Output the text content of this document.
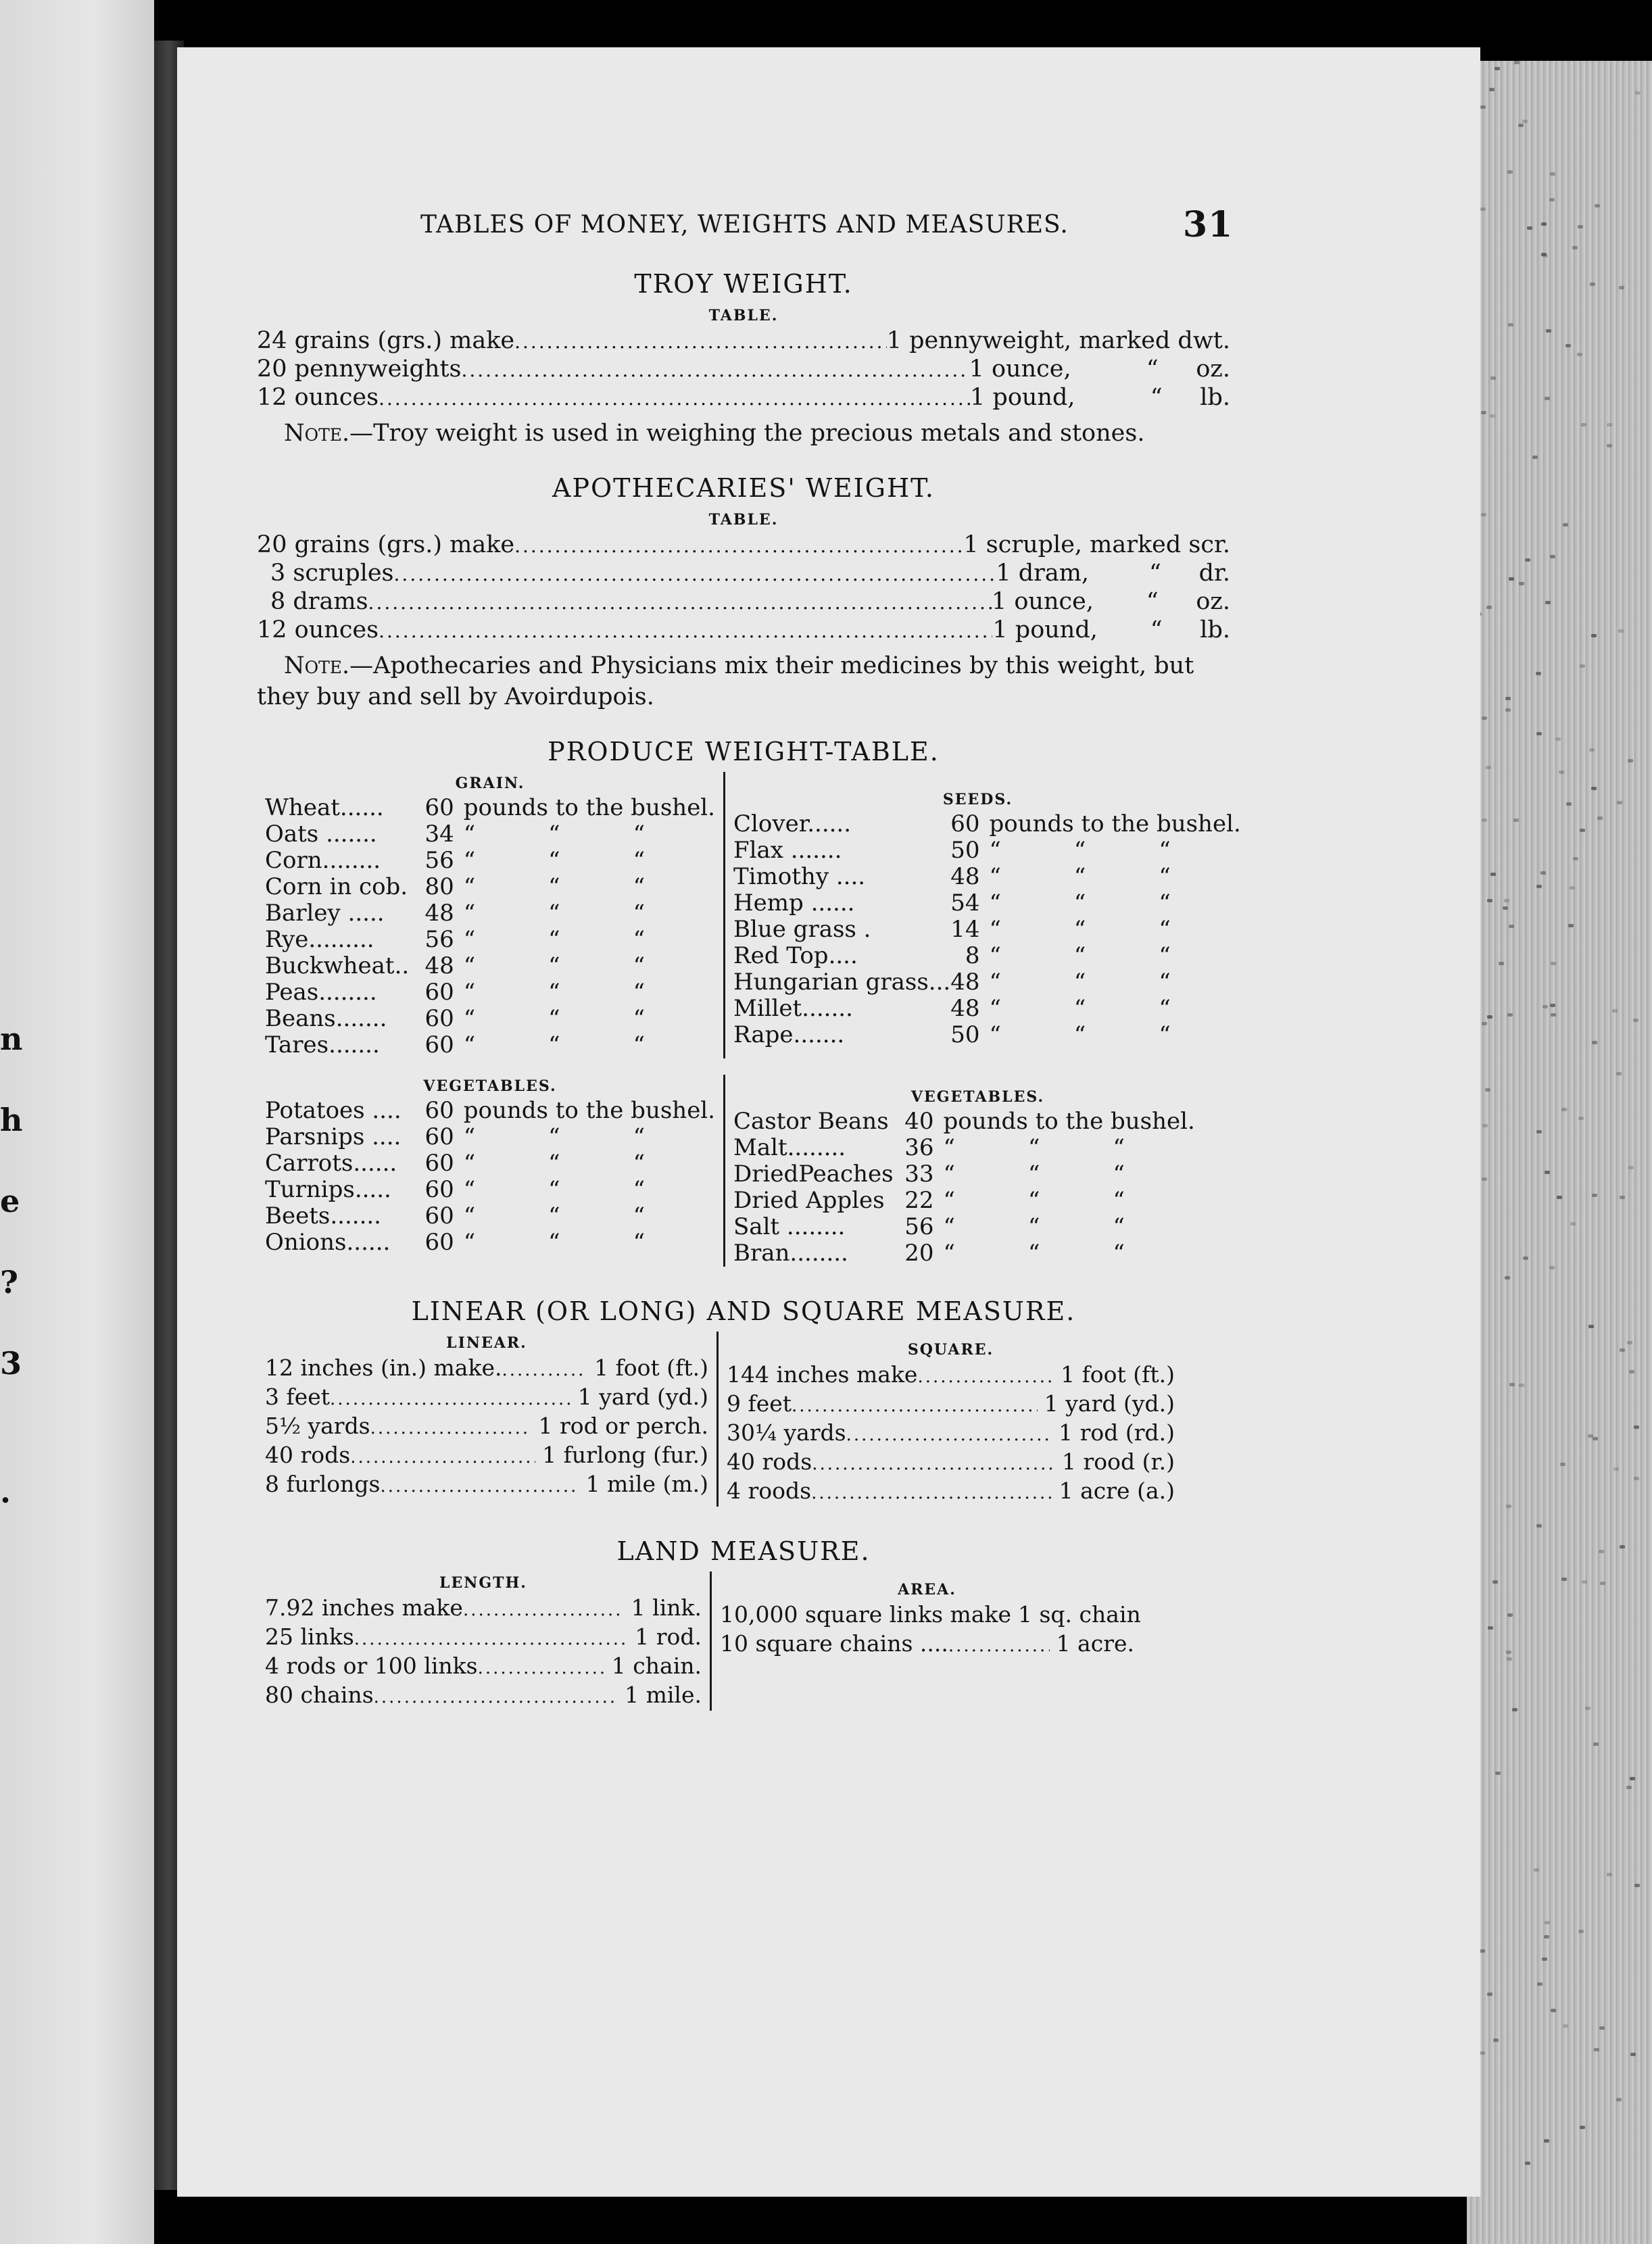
n
h
e
?
3
.
TABLES OF MONEY, WEIGHTS AND MEASURES.	31
TROY WEIGHT.
TABLE.
24 grains (grs.) make .....	1 pennyweight, marked dwt.
20 pennyweights .....	1 ounce,          “     oz.
12 ounces .....	1 pound,          “     lb.

Note.—Troy weight is used in weighing the precious metals and stones.

APOTHECARIES' WEIGHT.
TABLE.
20 grains (grs.) make .....	1 scruple, marked scr.
3 scruples .....	1 dram,        “     dr.
8 drams .....	1 ounce,       “     oz.
12 ounces .....	1 pound,       “     lb.

Note.—Apothecaries and Physicians mix their medicines by this weight, but they buy and sell by Avoirdupois.

PRODUCE WEIGHT-TABLE.
GRAIN.
Wheat......	60	pounds to the bushel.
Oats .......	34	“          “          “
Corn........	56	“          “          “
Corn in cob.	80	“          “          “
Barley .....	48	“          “          “
Rye.........	56	“          “          “
Buckwheat..	48	“          “          “
Peas........	60	“          “          “
Beans.......	60	“          “          “
Tares.......	60	“          “          “
SEEDS.
Clover......	60	pounds to the bushel.
Flax .......	50	“          “          “
Timothy ....	48	“          “          “
Hemp ......	54	“          “          “
Blue grass .	14	“          “          “
Red Top....	8	“          “          “
Hungarian grass...	48	“          “          “
Millet.......	48	“          “          “
Rape.......	50	“          “          “
VEGETABLES.
Potatoes ....	60	pounds to the bushel.
Parsnips ....	60	“          “          “
Carrots......	60	“          “          “
Turnips.....	60	“          “          “
Beets.......	60	“          “          “
Onions......	60	“          “          “
VEGETABLES.
Castor Beans	40	pounds to the bushel.
Malt........	36	“          “          “
DriedPeaches	33	“          “          “
Dried Apples	22	“          “          “
Salt ........	56	“          “          “
Bran........	20	“          “          “
LINEAR (OR LONG) AND SQUARE MEASURE.
LINEAR.
12 inches (in.) make. .....	1 foot (ft.)
3 feet .....	1 yard (yd.)
5½ yards .....	1 rod or perch.
40 rods .....	1 furlong (fur.)
8 furlongs .....	1 mile (m.)
SQUARE.
144 inches make .....	1 foot (ft.)
9 feet .....	1 yard (yd.)
30¼ yards .....	1 rod (rd.)
40 rods .....	1 rood (r.)
4 roods .....	1 acre (a.)
LAND MEASURE.
LENGTH.
7.92 inches make .....	1 link.
25 links .....	1 rod.
4 rods or 100 links .....	1 chain.
80 chains .....	1 mile.
AREA.
10,000 square links make 1 sq. chain
10 square chains .... .....	1 acre.
